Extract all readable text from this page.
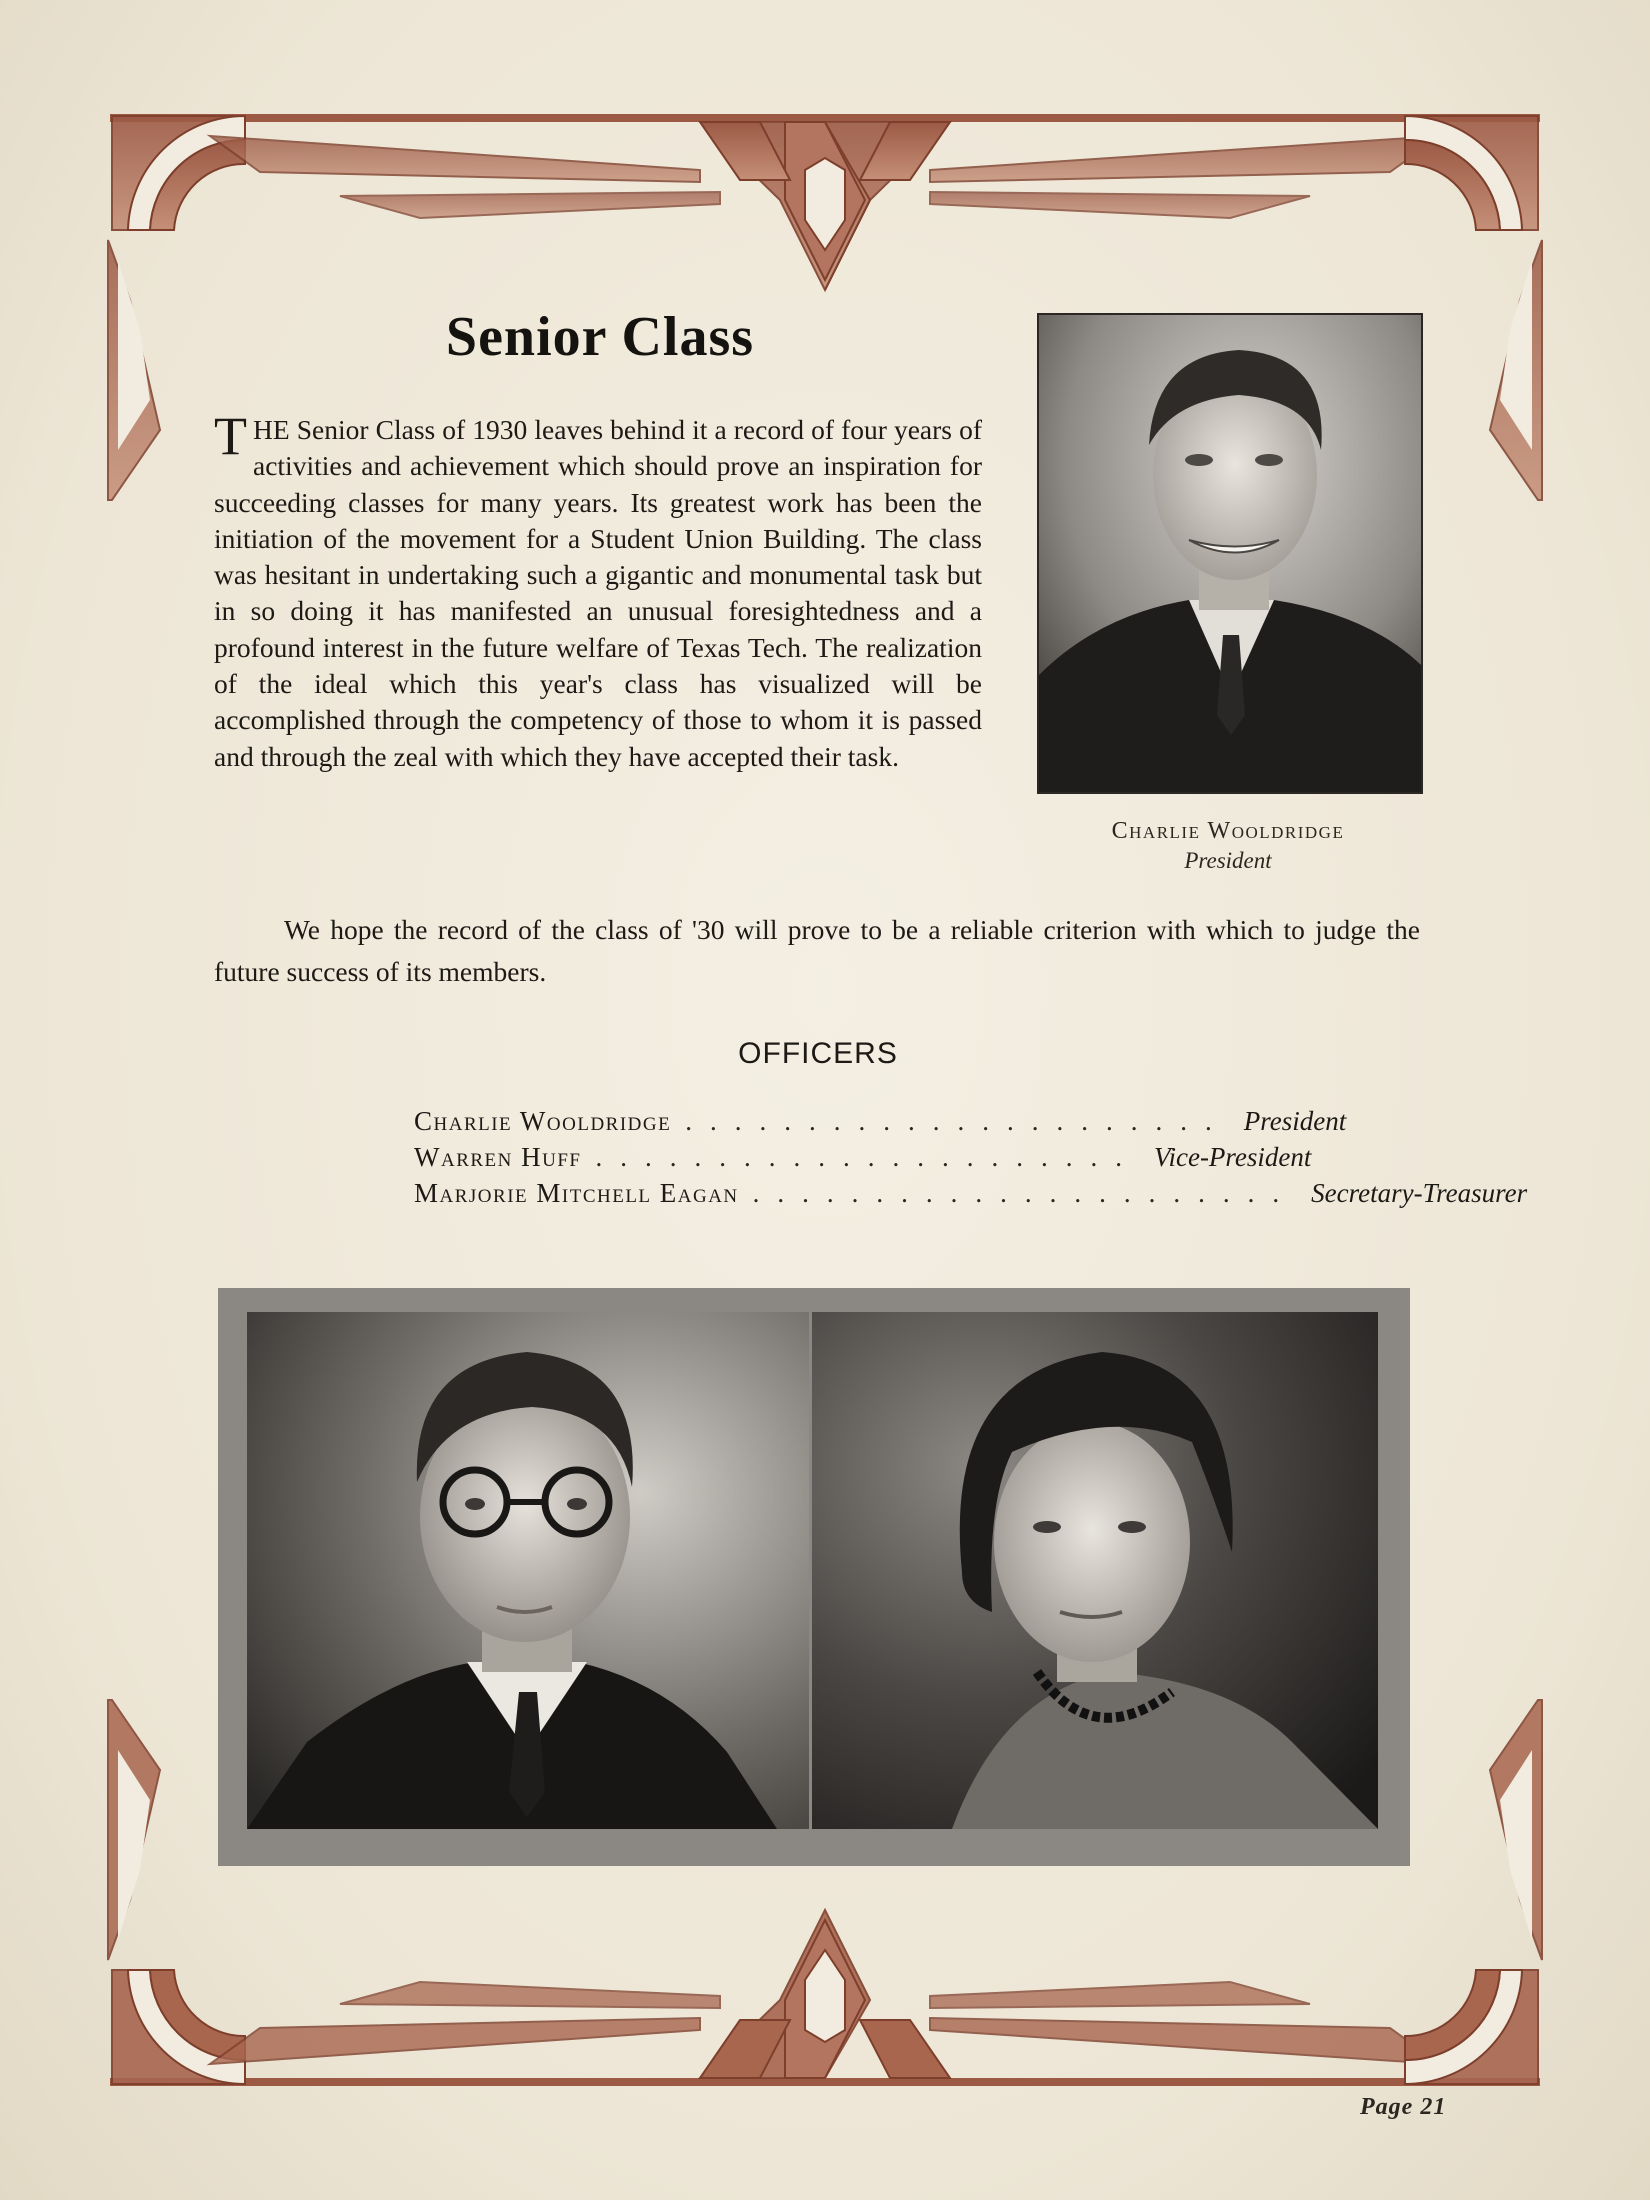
Senior Class
THE Senior Class of 1930 leaves behind it a record of four years of activities and achievement which should prove an inspiration for succeeding classes for many years. Its greatest work has been the initiation of the movement for a Student Union Building. The class was hesitant in undertaking such a gigantic and monumental task but in so doing it has manifested an unusual foresightedness and a profound interest in the future welfare of Texas Tech. The realization of the ideal which this year's class has visualized will be accomplished through the competency of those to whom it is passed and through the zeal with which they have accepted their task.
Charlie Wooldridge
President
We hope the record of the class of '30 will prove to be a reliable criterion with which to judge the future success of its members.
OFFICERS
Charlie Wooldridge ...................... President
Warren Huff ...................... Vice-President
Marjorie Mitchell Eagan ...................... Secretary-Treasurer
Page 21
